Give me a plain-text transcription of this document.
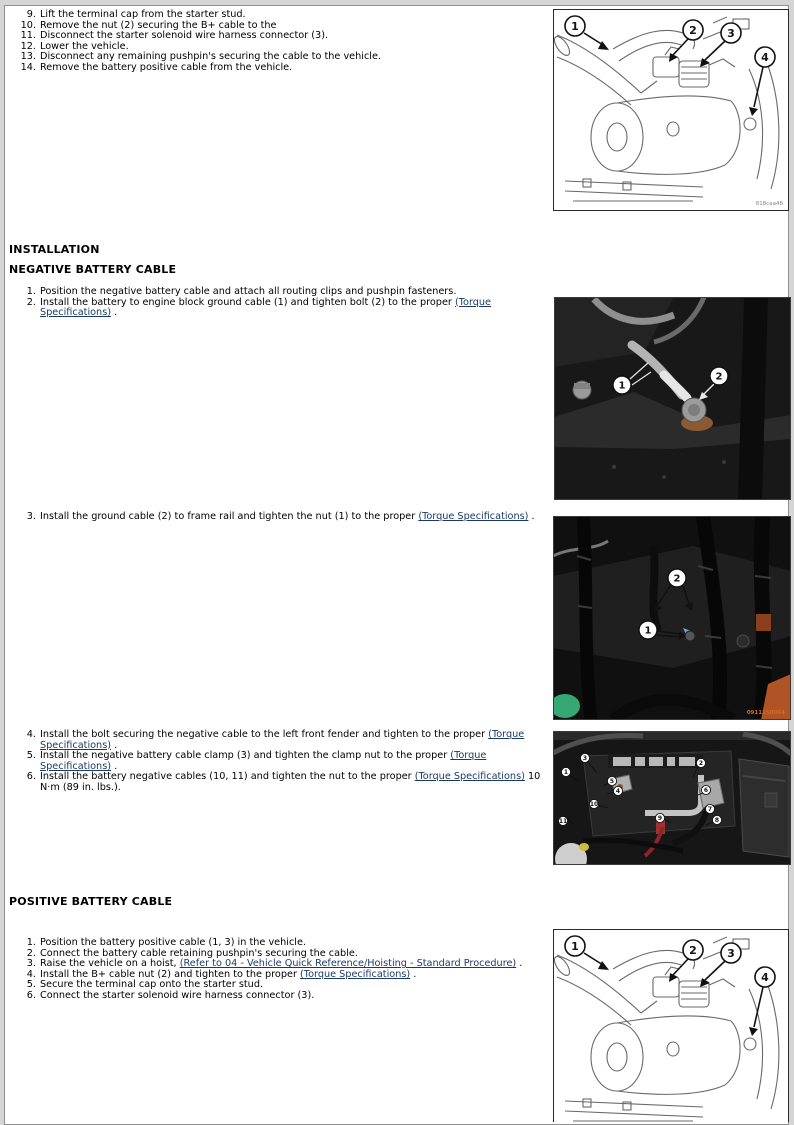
9. Lift the terminal cap from the starter stud.
10. Remove the nut (2) securing the B+ cable to the
11. Disconnect the starter solenoid wire harness connector (3).
12. Lower the vehicle.
13. Disconnect any remaining pushpin's securing the cable to the vehicle.
14. Remove the battery positive cable from the vehicle.
1	2	3
4
818caa48
INSTALLATION
NEGATIVE BATTERY CABLE
1. Position the negative battery cable and attach all routing clips and pushpin fasteners.
2. Install the battery to engine block ground cable (1) and tighten bolt (2) to the proper (Torque Specifications) .
1
2
3. Install the ground cable (2) to frame rail and tighten the nut (1) to the proper (Torque Specifications) .
2
1
0911150064
4. Install the bolt securing the negative cable to the left front fender and tighten to the proper (Torque Specifications) .
5. Install the negative battery cable clamp (3) and tighten the clamp nut to the proper (Torque Specifications) .
6. Install the battery negative cables (10, 11) and tighten the nut to the proper (Torque Specifications) 10 N·m (89 in. lbs.).
1
3
5
4
10
11	9
2
6
7
8
POSITIVE BATTERY CABLE
1. Position the battery positive cable (1, 3) in the vehicle.
2. Connect the battery cable retaining pushpin's securing the cable.
3. Raise the vehicle on a hoist, (Refer to 04 - Vehicle Quick Reference/Hoisting - Standard Procedure) .
4. Install the B+ cable nut (2) and tighten to the proper (Torque Specifications) .
5. Secure the terminal cap onto the starter stud.
6. Connect the starter solenoid wire harness connector (3).
1	2	3
4
